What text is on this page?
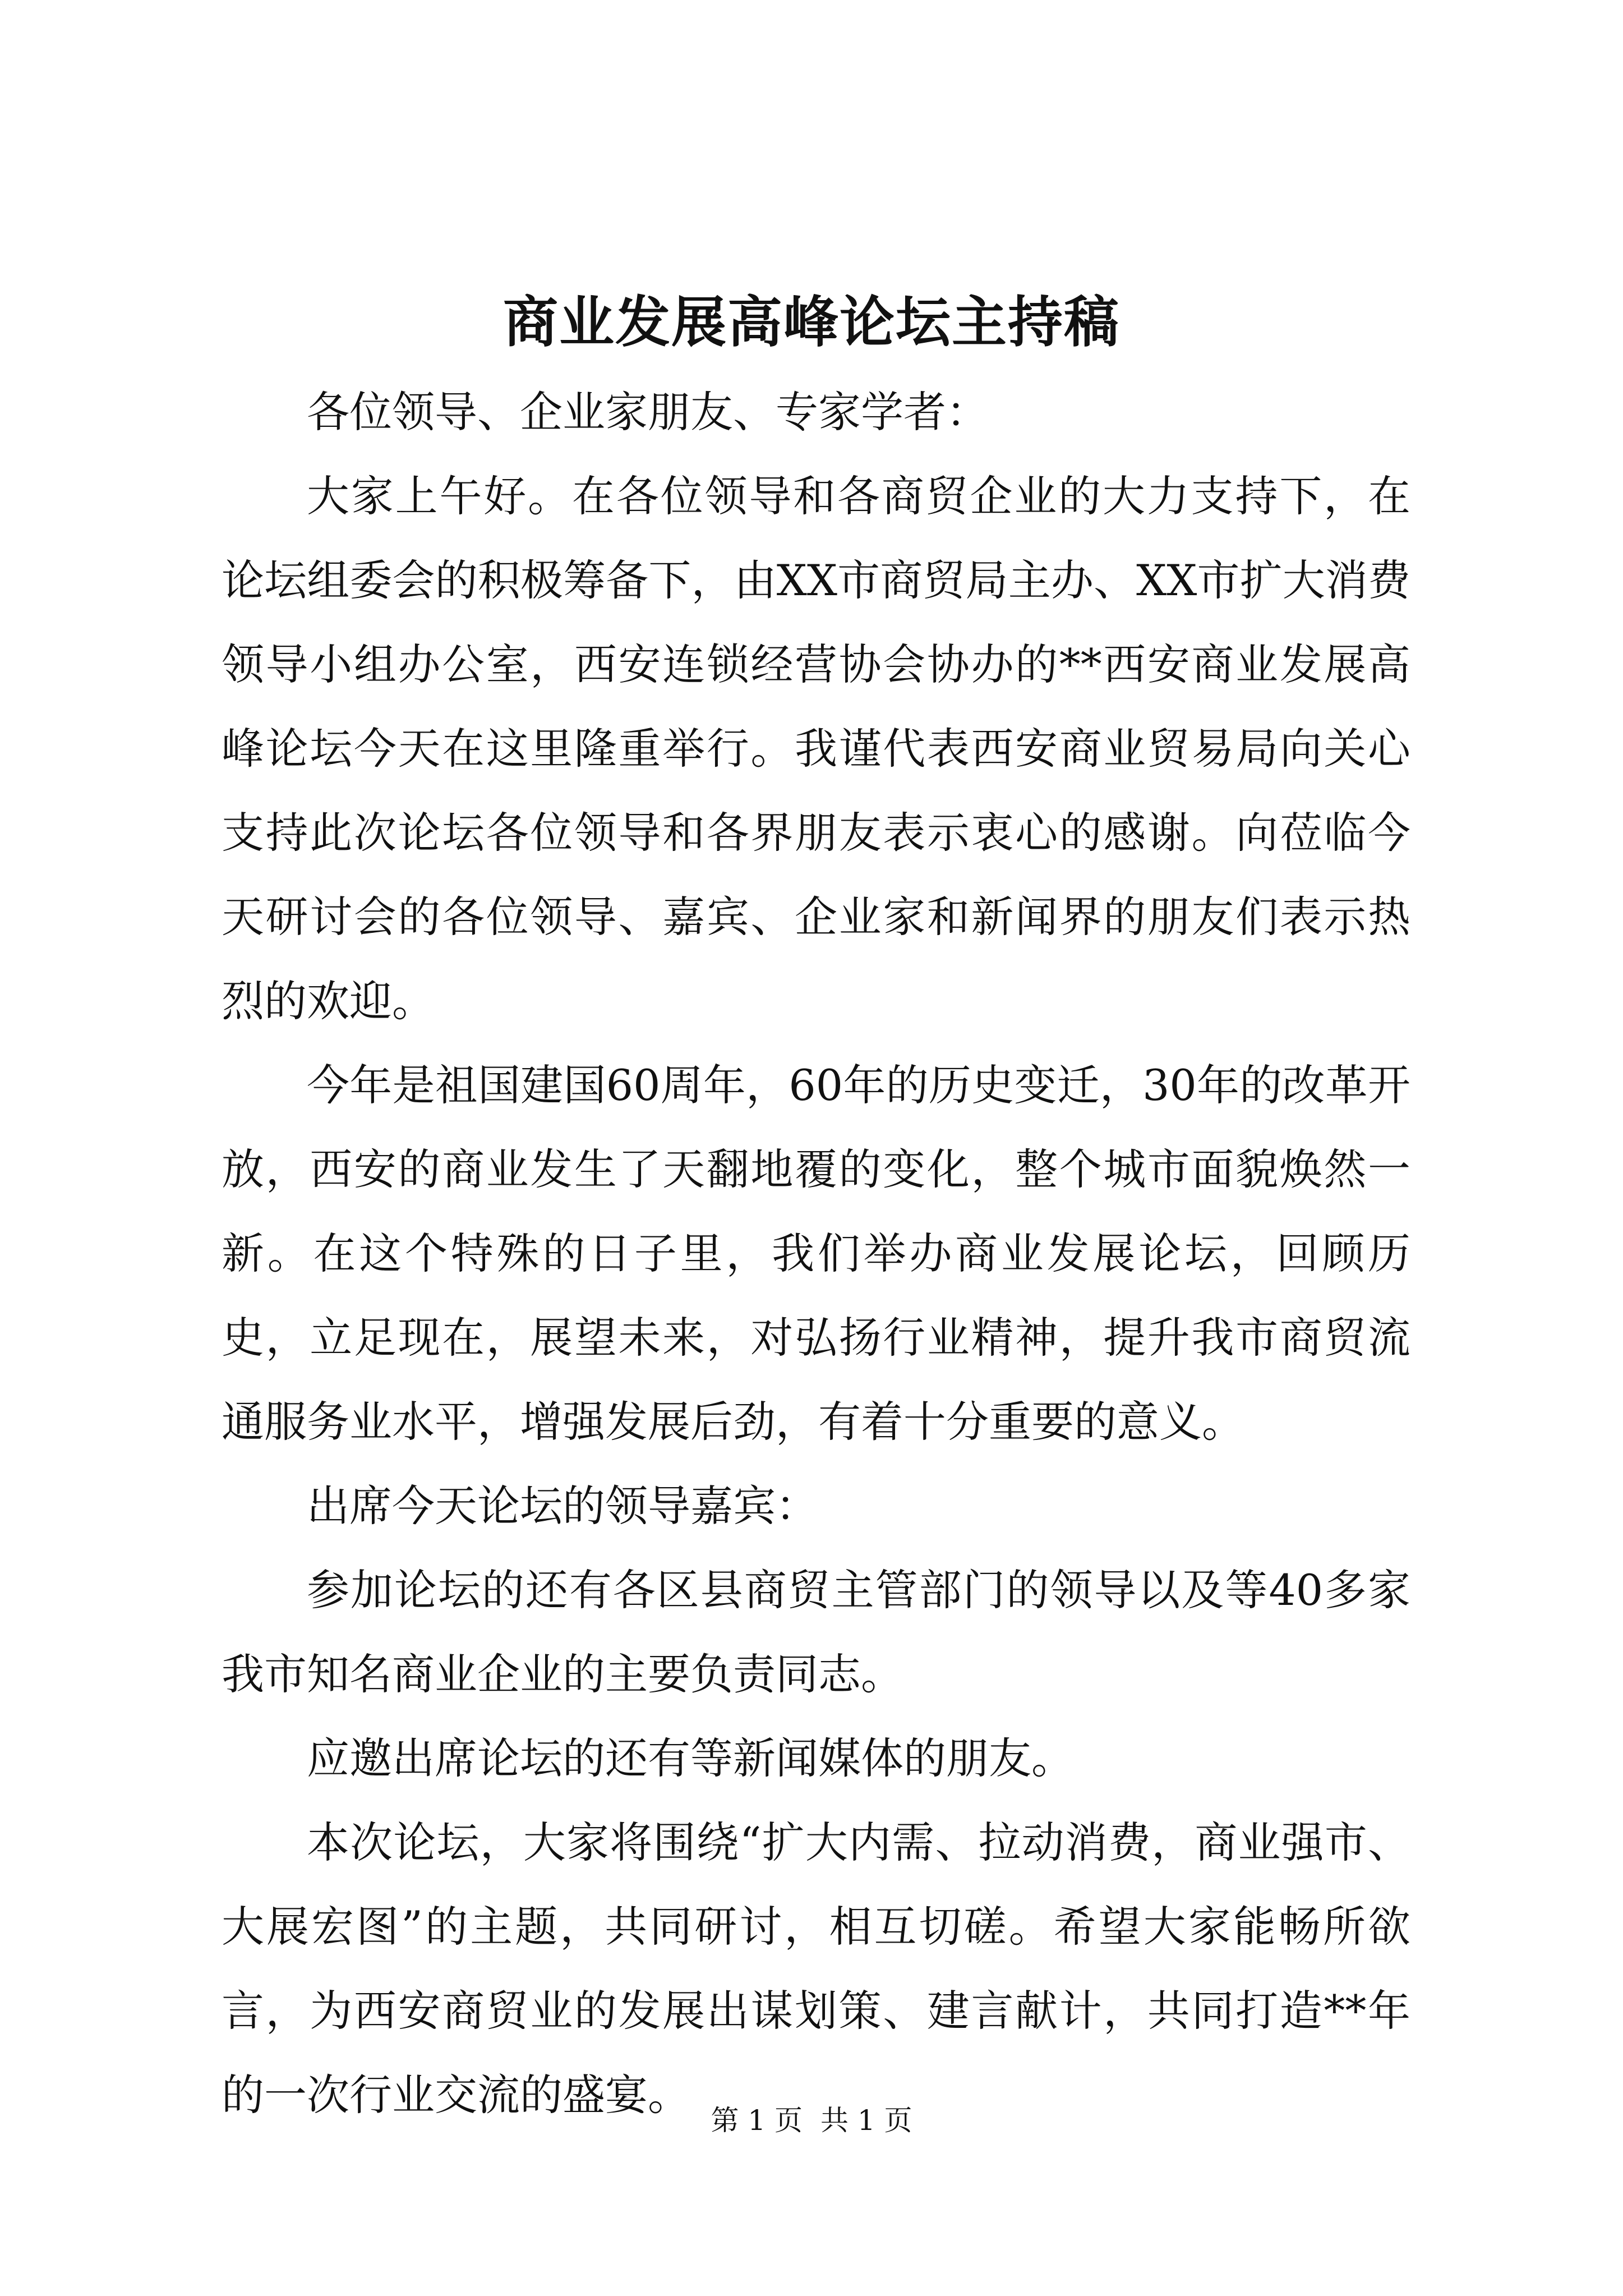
商业发展高峰论坛主持稿

各位领导、企业家朋友、专家学者：

大家上午好。在各位领导和各商贸企业的大力支持下，在论坛组委会的积极筹备下，由XX市商贸局主办、XX市扩大消费领导小组办公室，西安连锁经营协会协办的**西安商业发展高峰论坛今天在这里隆重举行。我谨代表西安商业贸易局向关心支持此次论坛各位领导和各界朋友表示衷心的感谢。向莅临今天研讨会的各位领导、嘉宾、企业家和新闻界的朋友们表示热烈的欢迎。

今年是祖国建国60周年，60年的历史变迁，30年的改革开放，西安的商业发生了天翻地覆的变化，整个城市面貌焕然一新。在这个特殊的日子里，我们举办商业发展论坛，回顾历史，立足现在，展望未来，对弘扬行业精神，提升我市商贸流通服务业水平，增强发展后劲，有着十分重要的意义。

出席今天论坛的领导嘉宾：

参加论坛的还有各区县商贸主管部门的领导以及等40多家我市知名商业企业的主要负责同志。

应邀出席论坛的还有等新闻媒体的朋友。

本次论坛，大家将围绕“扩大内需、拉动消费，商业强市、大展宏图”的主题，共同研讨，相互切磋。希望大家能畅所欲言，为西安商贸业的发展出谋划策、建言献计，共同打造**年的一次行业交流的盛宴。

第 1 页 共 1 页
